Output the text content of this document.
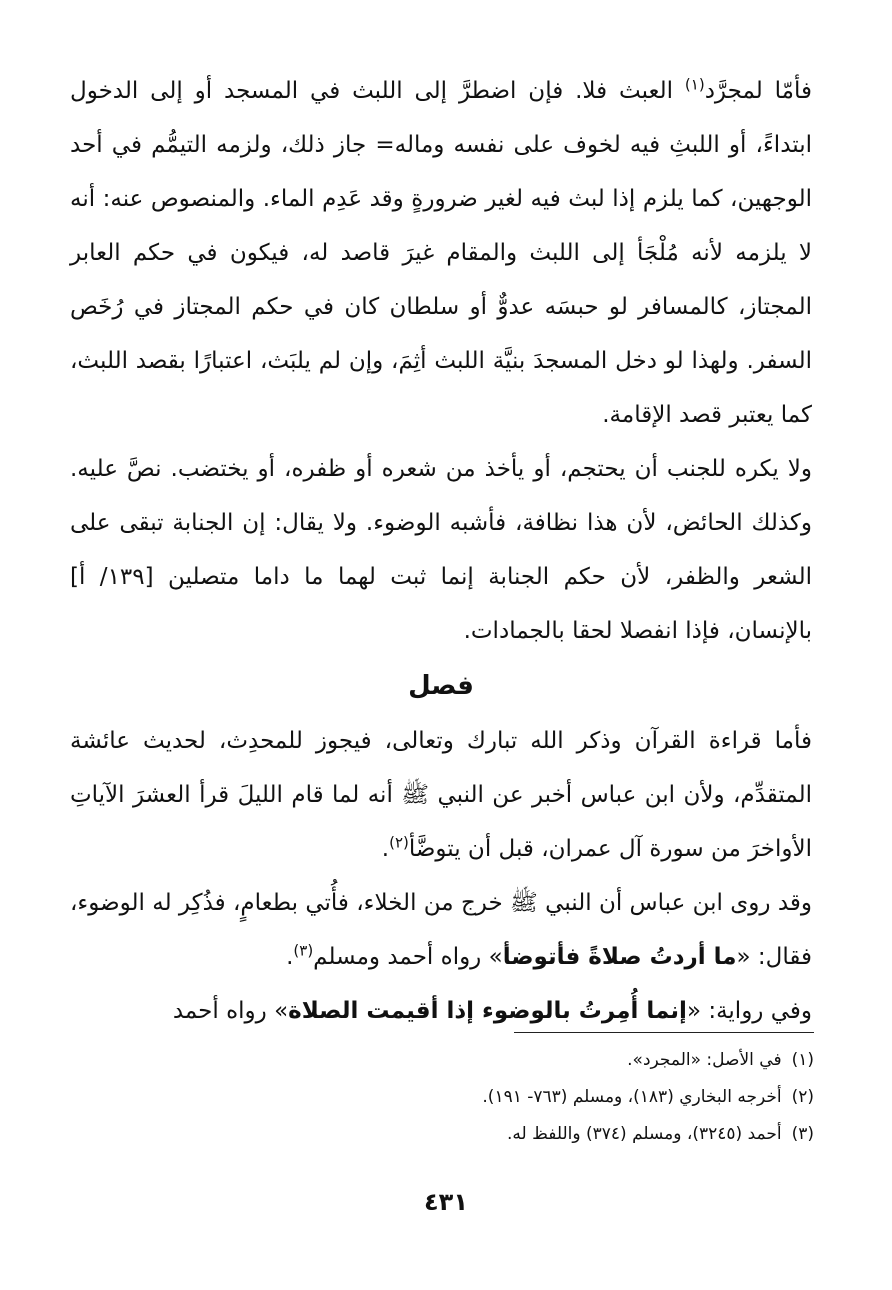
فأمّا لمجرَّد$^{(١)}$ العبث فلا. فإن اضطرَّ إلى اللبث في المسجد أو إلى الدخول ابتداءً، أو اللبثِ فيه لخوف على نفسه وماله= جاز ذلك، ولزمه التيمُّم في أحد الوجهين، كما يلزم إذا لبث فيه لغير ضرورةٍ وقد عَدِم الماء. والمنصوص عنه: أنه لا يلزمه لأنه مُلْجَأ إلى اللبث والمقام غيرَ قاصد له، فيكون في حكم العابر المجتاز، كالمسافر لو حبسَه عدوٌّ أو سلطان كان في حكم المجتاز في رُخَص السفر. ولهذا لو دخل المسجدَ بنيَّة اللبث أثِمَ، وإن لم يلبَث، اعتبارًا بقصد اللبث، كما يعتبر قصد الإقامة.

ولا يكره للجنب أن يحتجم، أو يأخذ من شعره أو ظفره، أو يختضب. نصَّ عليه. وكذلك الحائض، لأن هذا نظافة، فأشبه الوضوء. ولا يقال: إن الجنابة تبقى على الشعر والظفر، لأن حكم الجنابة إنما ثبت لهما ما داما متصلين [١٣٩/ أ] بالإنسان، فإذا انفصلا لحقا بالجمادات.

فصل

فأما قراءة القرآن وذكر الله تبارك وتعالى، فيجوز للمحدِث، لحديث عائشة المتقدِّم، ولأن ابن عباس أخبر عن النبي ﷺ أنه لما قام الليلَ قرأ العشرَ الآياتِ الأواخرَ من سورة آل عمران، قبل أن يتوضَّأ$^{(٢)}$.

وقد روى ابن عباس أن النبي ﷺ خرج من الخلاء، فأُتي بطعامٍ، فذُكِر له الوضوء، فقال: «ما أردتُ صلاةً فأتوضأ» رواه أحمد ومسلم$^{(٣)}$.

وفي رواية: «إنما أُمِرتُ بالوضوء إذا أقيمت الصلاة» رواه أحمد

(١)في الأصل: «المجرد».
(٢)أخرجه البخاري (١٨٣)، ومسلم (٧٦٣- ١٩١).
(٣)أحمد (٣٢٤٥)، ومسلم (٣٧٤) واللفظ له.
٤٣١
